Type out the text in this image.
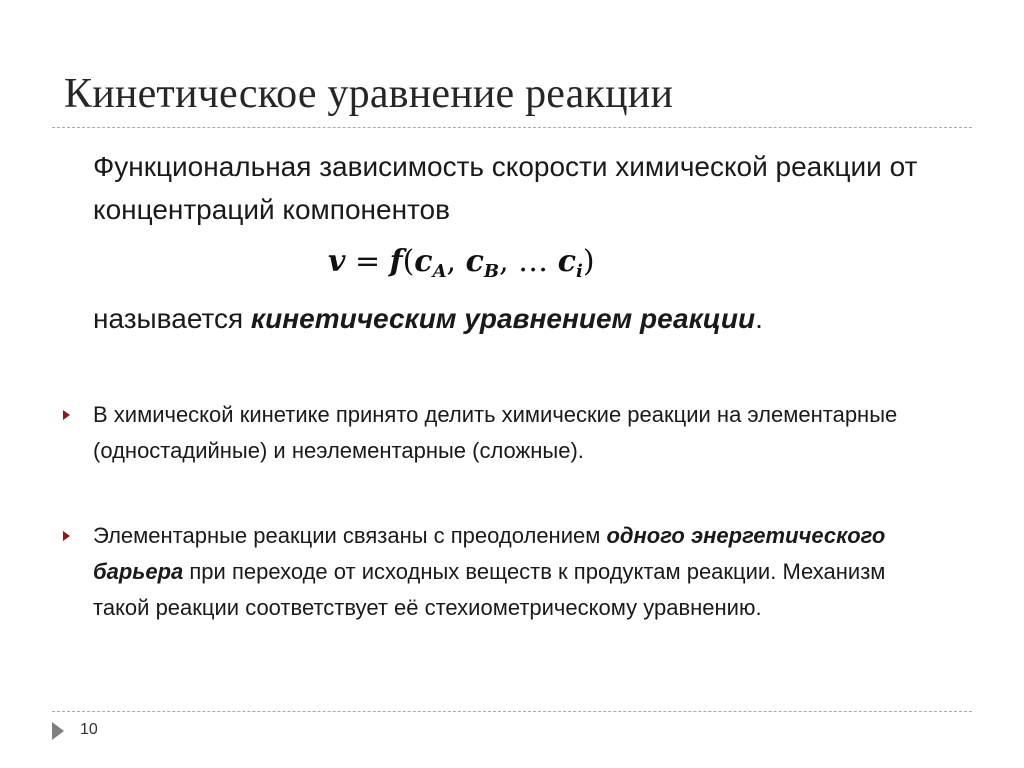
Кинетическое уравнение реакции
Функциональная зависимость скорости химической реакции от концентраций компонентов
$v = f(c_A$, $c_B$, … $c_i$)
называется кинетическим уравнением реакции.
В химической кинетике принято делить химические реакции на элементарные (одностадийные) и неэлементарные (сложные).
Элементарные реакции связаны с преодолением одного энергетического барьера при переходе от исходных веществ к продуктам реакции. Механизм такой реакции соответствует её стехиометрическому уравнению.
10
